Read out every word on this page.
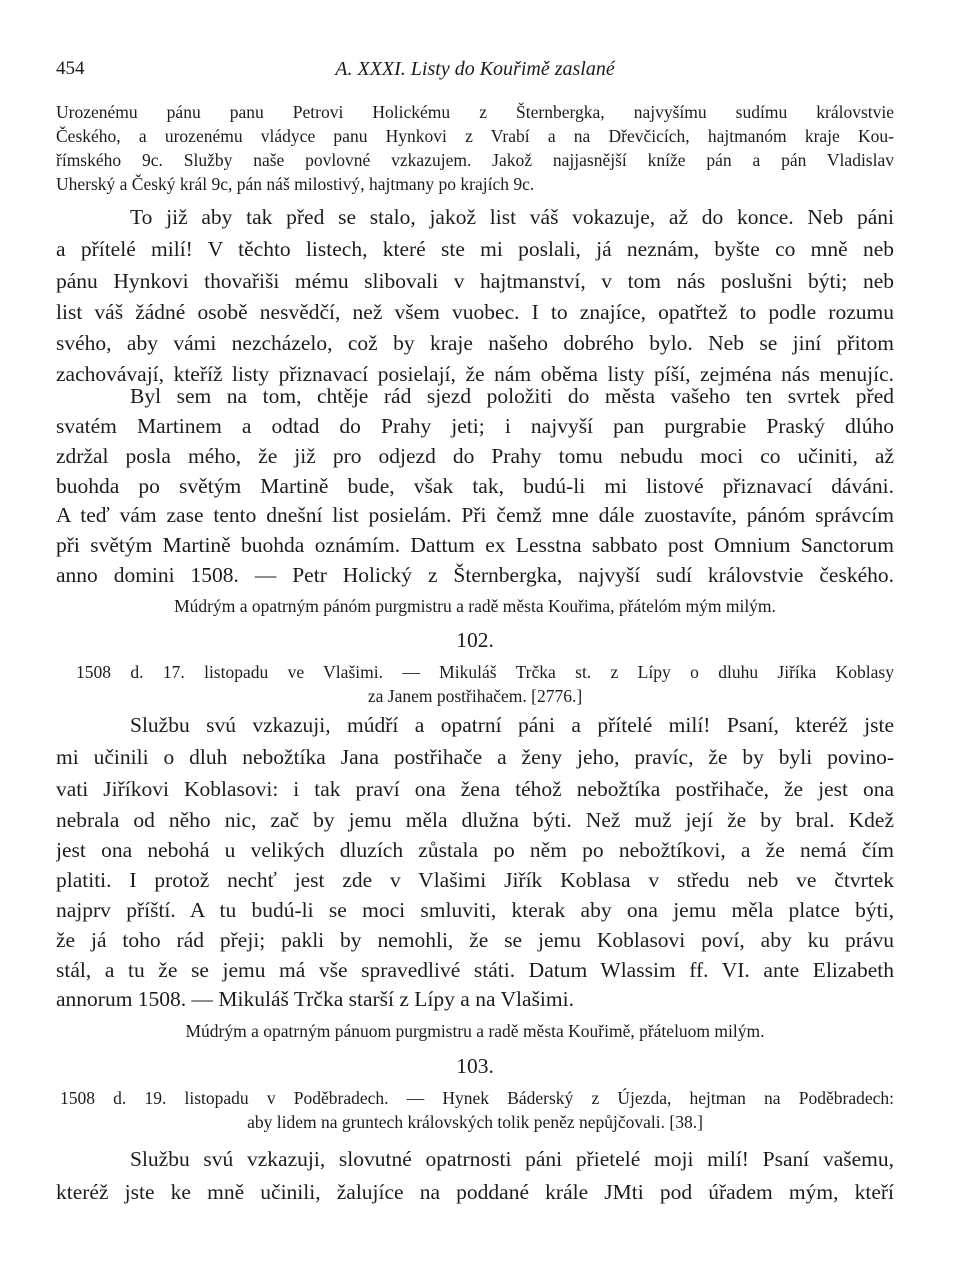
454	A. XXXI. Listy do Kouřimě zaslané
Urozenému pánu panu Petrovi Holickému z Šternbergka, najvyšímu sudímu královstvie
Českého, a urozenému vládyce panu Hynkovi z Vrabí a na Dřevčicích, hajtmanóm kraje Kou-
římského 9c. Služby naše povlovné vzkazujem. Jakož najjasnější kníže pán a pán Vladislav
Uherský a Český král 9c, pán náš milostivý, hajtmany po krajích 9c.
To již aby tak před se stalo, jakož list váš vokazuje, až do konce. Neb páni
a přítelé milí! V těchto listech, které ste mi poslali, já neznám, byšte co mně neb
pánu Hynkovi thovařiši mému slibovali v hajtmanství, v tom nás poslušni býti; neb
list váš žádné osobě nesvědčí, než všem vuobec. I to znajíce, opatřtež to podle rozumu
svého, aby vámi nezcházelo, což by kraje našeho dobrého bylo. Neb se jiní přitom
zachovávají, kteříž listy přiznavací posielají, že nám oběma listy píší, zejména nás menujíc.
Byl sem na tom, chtěje rád sjezd položiti do města vašeho ten svrtek před
svatém Martinem a odtad do Prahy jeti; i najvyší pan purgrabie Praský dlúho
zdržal posla mého, že již pro odjezd do Prahy tomu nebudu moci co učiniti, až
buohda po světým Martině bude, však tak, budú-li mi listové přiznavací dáváni.
A teď vám zase tento dnešní list posielám. Při čemž mne dále zuostavíte, pánóm správcím
při světým Martině buohda oznámím. Dattum ex Lesstna sabbato post Omnium Sanctorum
anno domini 1508. — Petr Holický z Šternbergka, najvyší sudí královstvie českého.
Múdrým a opatrným pánóm purgmistru a radě města Kouřima, přátelóm mým milým.
102.
1508 d. 17. listopadu ve Vlašimi. — Mikuláš Trčka st. z Lípy o dluhu Jiříka Koblasy
za Janem postřihačem. [2776.]
Službu svú vzkazuji, múdří a opatrní páni a přítelé milí! Psaní, kteréž jste
mi učinili o dluh nebožtíka Jana postřihače a ženy jeho, pravíc, že by byli povino-
vati Jiříkovi Koblasovi: i tak praví ona žena téhož nebožtíka postřihače, že jest ona
nebrala od něho nic, zač by jemu měla dlužna býti. Než muž její že by bral. Kdež
jest ona nebohá u velikých dluzích zůstala po něm po nebožtíkovi, a že nemá čím
platiti. I protož nechť jest zde v Vlašimi Jiřík Koblasa v středu neb ve čtvrtek
najprv příští. A tu budú-li se moci smluviti, kterak aby ona jemu měla platce býti,
že já toho rád přeji; pakli by nemohli, že se jemu Koblasovi poví, aby ku právu
stál, a tu že se jemu má vše spravedlivé státi. Datum Wlassim ff. VI. ante Elizabeth
annorum 1508. — Mikuláš Trčka starší z Lípy a na Vlašimi.
Múdrým a opatrným pánuom purgmistru a radě města Kouřimě, přáteluom milým.
103.
1508 d. 19. listopadu v Poděbradech. — Hynek Báderský z Újezda, hejtman na Poděbradech:
aby lidem na gruntech královských tolik peněz nepůjčovali. [38.]
Službu svú vzkazuji, slovutné opatrnosti páni přietelé moji milí! Psaní vašemu,
kteréž jste ke mně učinili, žalujíce na poddané krále JMti pod úřadem mým, kteří
